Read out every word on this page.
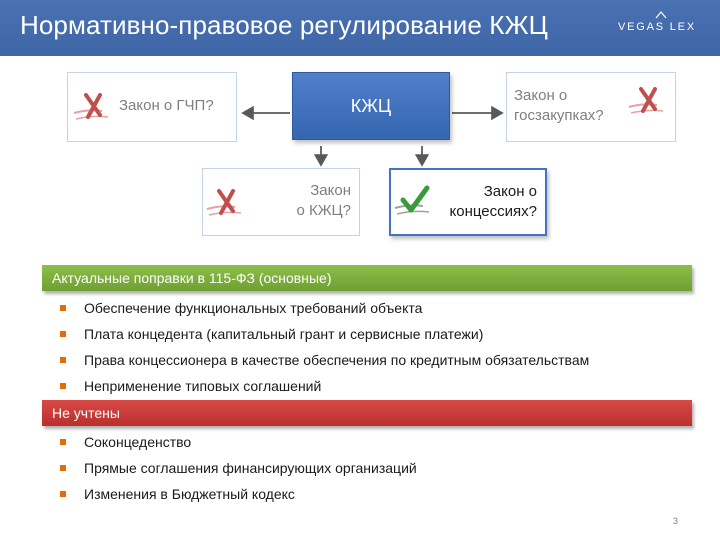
Нормативно-правовое регулирование КЖЦ	VEGAS LEX
Закон о ГЧП?	КЖЦ	Закон о
госзакупках?
Закон
о КЖЦ?
Закон о
концессиях?
Актуальные поправки в 115-ФЗ (основные)
Обеспечение функциональных требований объекта
Плата концедента (капитальный грант и сервисные платежи)
Права концессионера в качестве обеспечения по кредитным обязательствам
Неприменение типовых соглашений
Не учтены
Соконцеденство
Прямые соглашения финансирующих организаций
Изменения в Бюджетный кодекс
3
